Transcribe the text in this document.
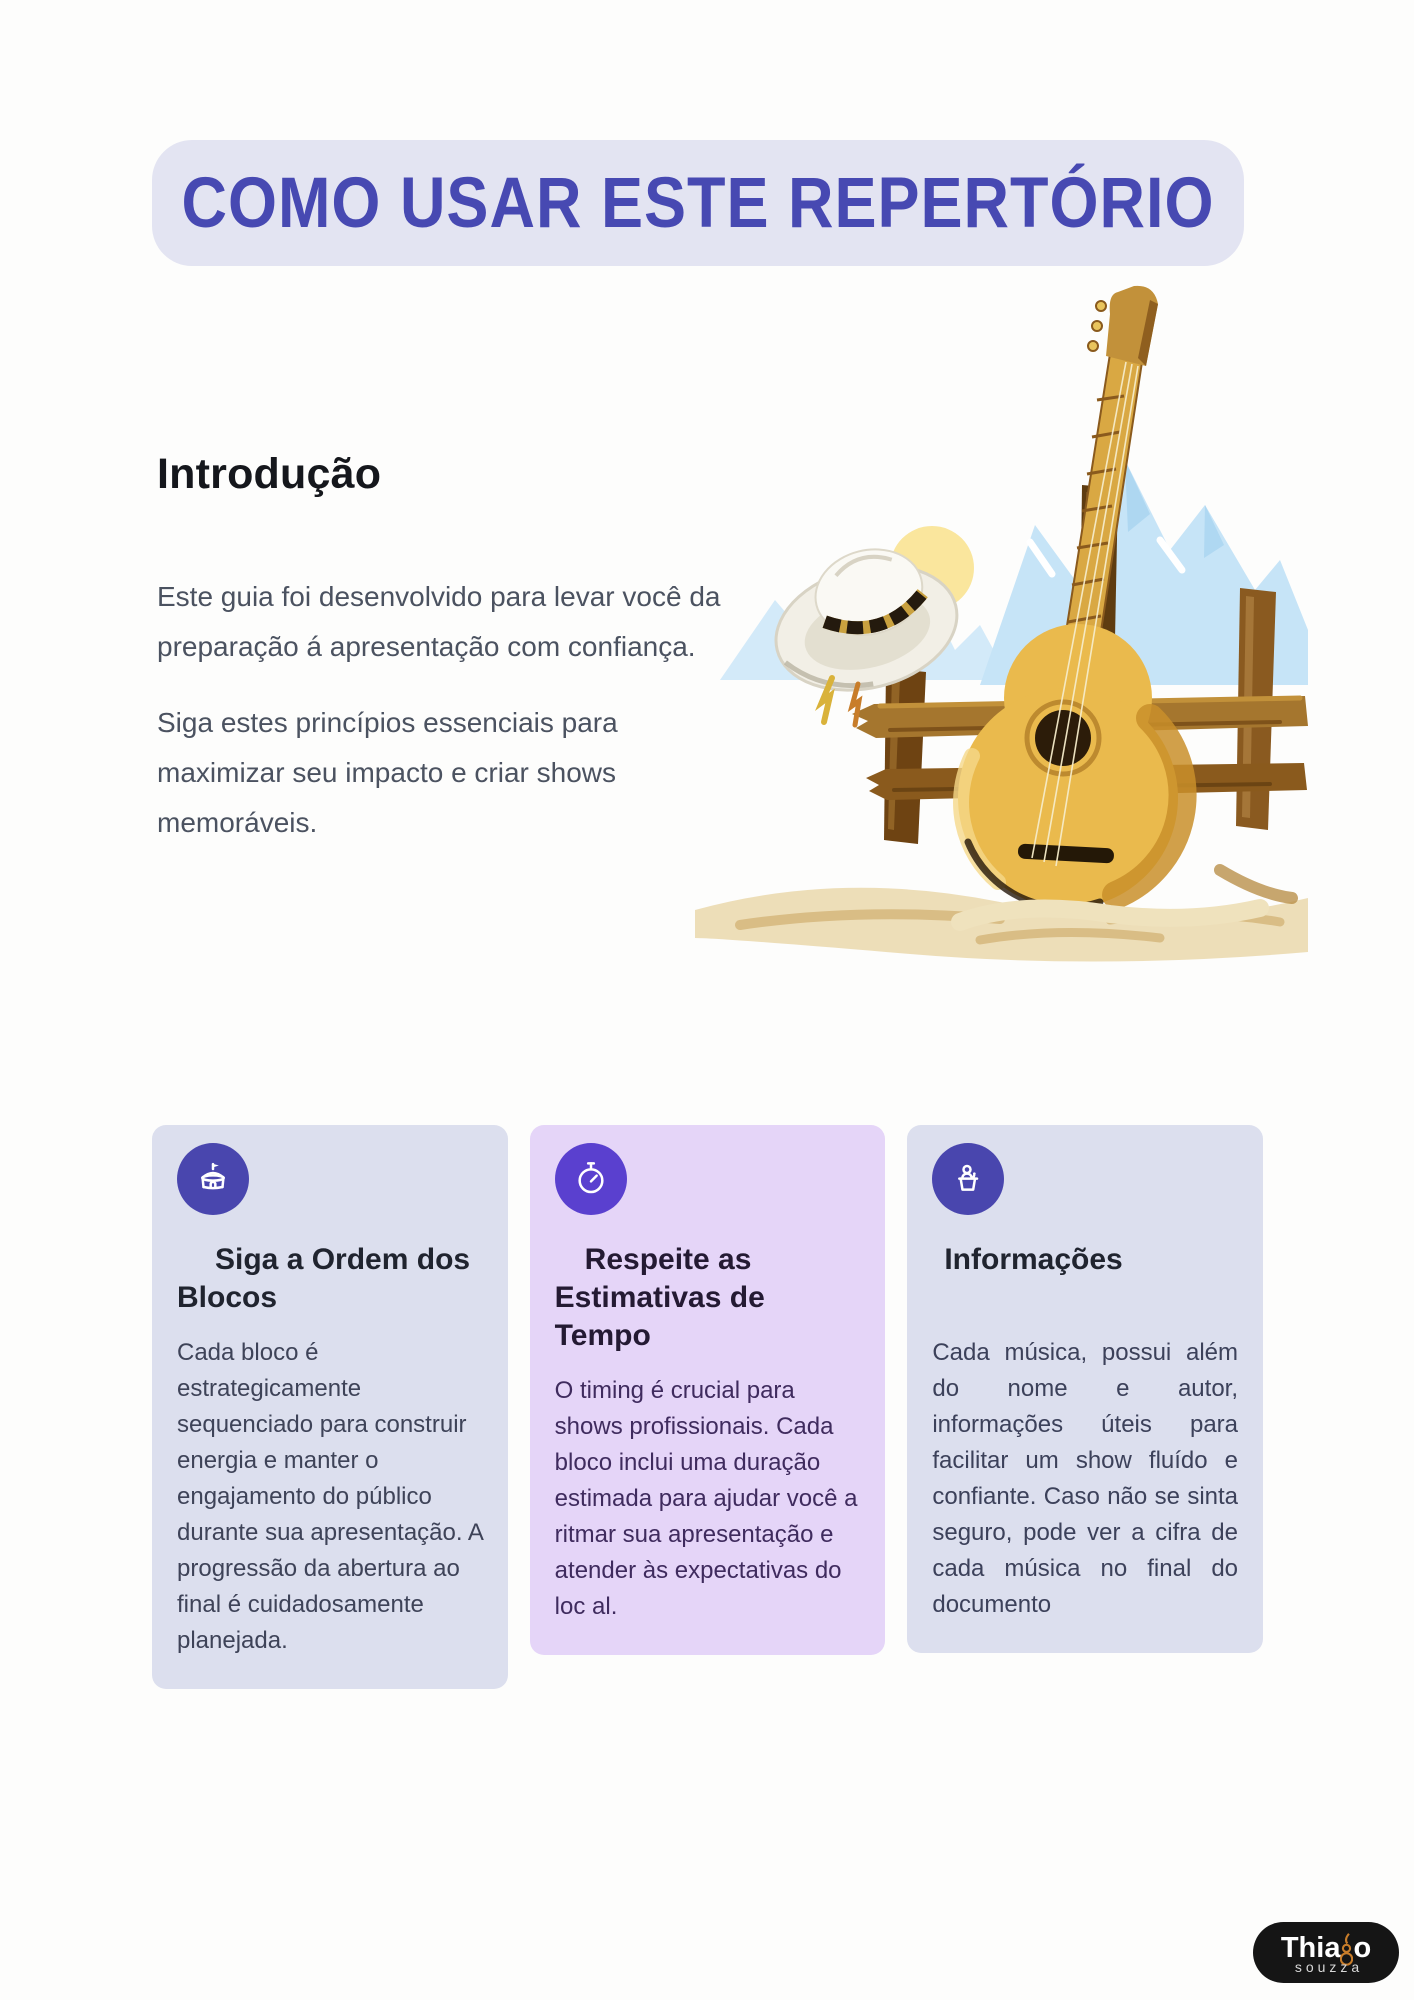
COMO USAR ESTE REPERTÓRIO
Introdução

Este guia foi desenvolvido para levar você da preparação á apresentação com confiança.

Siga estes princípios essenciais para maximizar seu impacto e criar shows memoráveis.

Siga a Ordem dos Blocos
Cada bloco é estrategicamente sequenciado para construir energia e manter o engajamento do público durante sua apresentação. A progressão da abertura ao final é cuidadosamente planejada.
Respeite as Estimativas de Tempo
O timing é crucial para shows profissionais. Cada bloco inclui uma duração estimada para ajudar você a ritmar sua apresentação e atender às expectativas do loc al.
Informações
Cada música, possui além do nome e autor, informações úteis para facilitar um show fluído e confiante. Caso não se sinta seguro, pode ver a cifra de cada música no final do documento
Thia o
souzza
